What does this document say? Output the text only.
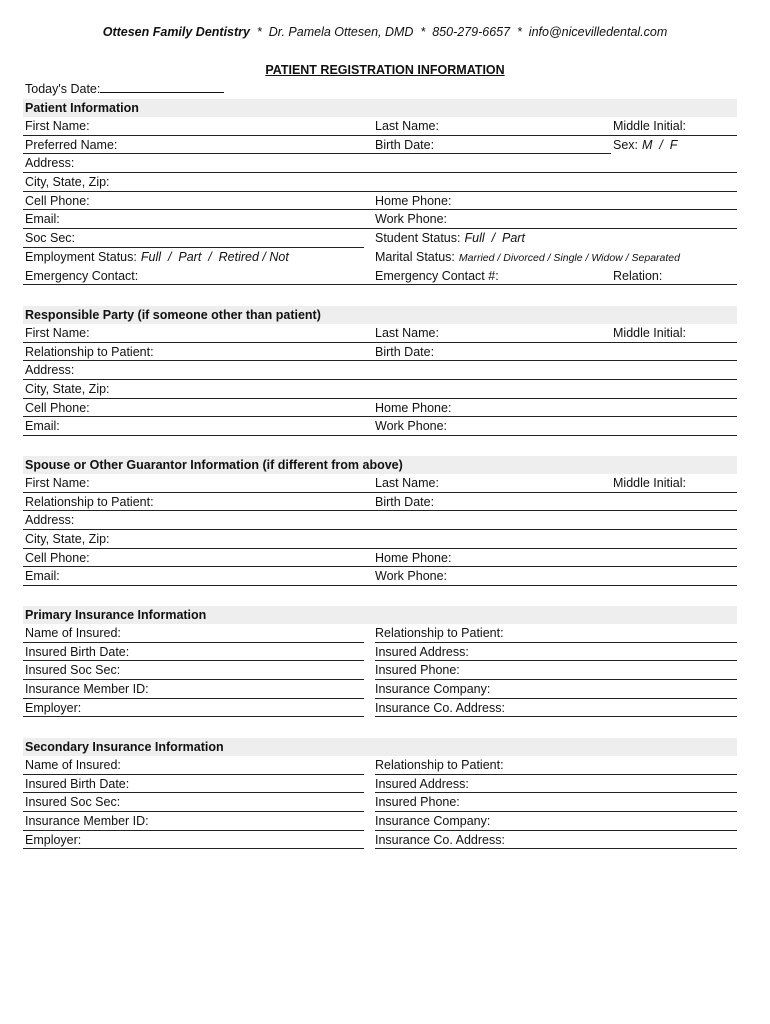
Ottesen Family Dentistry  *  Dr. Pamela Ottesen, DMD  *  850-279-6657  *  info@nicevilledental.com
PATIENT REGISTRATION INFORMATION
Today's Date:
Patient Information
First Name:	Last Name:	Middle Initial:
Preferred Name:	Birth Date:	Sex: M  /  F
Address:
City, State, Zip:
Cell Phone:	Home Phone:
Email:	Work Phone:
Soc Sec:	Student Status: Full  /  Part
Employment Status: Full  /  Part  /  Retired / Not	Marital Status: Married / Divorced / Single / Widow / Separated
Emergency Contact:	Emergency Contact #:	Relation:
Responsible Party (if someone other than patient)
First Name:	Last Name:	Middle Initial:
Relationship to Patient:	Birth Date:
Address:
City, State, Zip:
Cell Phone:	Home Phone:
Email:	Work Phone:
Spouse or Other Guarantor Information (if different from above)
First Name:	Last Name:	Middle Initial:
Relationship to Patient:	Birth Date:
Address:
City, State, Zip:
Cell Phone:	Home Phone:
Email:	Work Phone:
Primary Insurance Information
Name of Insured:	Relationship to Patient:
Insured Birth Date:	Insured Address:
Insured Soc Sec:	Insured Phone:
Insurance Member ID:	Insurance Company:
Employer:	Insurance Co. Address:
Secondary Insurance Information
Name of Insured:	Relationship to Patient:
Insured Birth Date:	Insured Address:
Insured Soc Sec:	Insured Phone:
Insurance Member ID:	Insurance Company:
Employer:	Insurance Co. Address:
